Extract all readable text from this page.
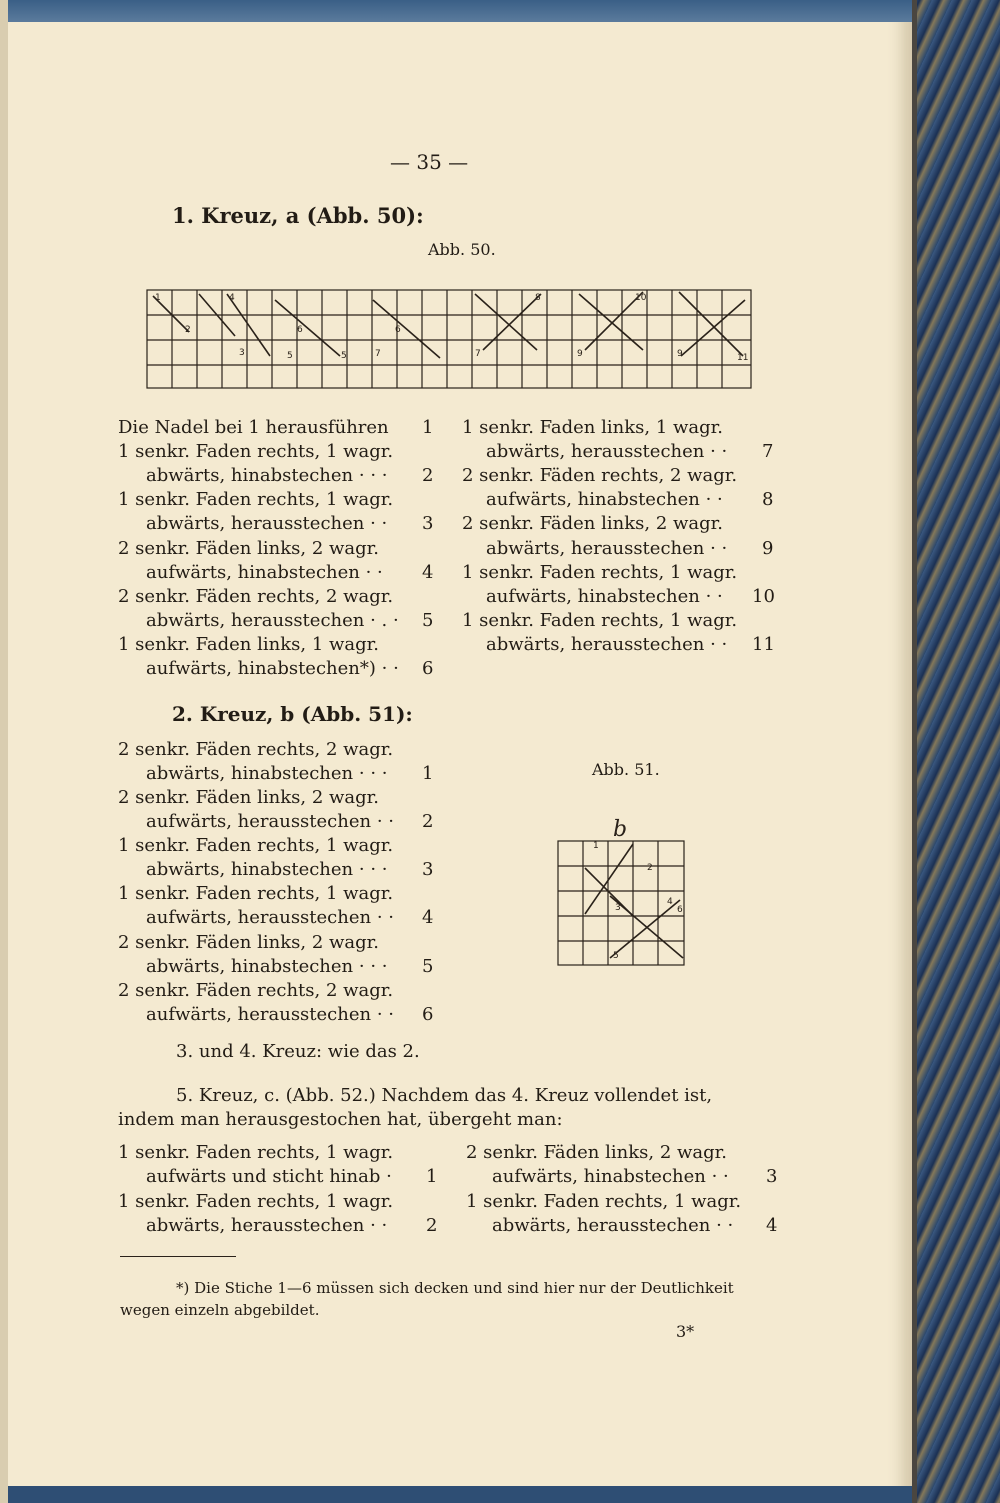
— 35 —
1. Kreuz, a (Abb. 50):
Abb. 50.
1
2
3
4
5	5
6	6
7	7
8
9	9
10
11
Die Nadel bei 1 herausführen 1
1 senkr. Faden rechts, 1 wagr.
abwärts, hinabstechen · · · 2
1 senkr. Faden rechts, 1 wagr.
abwärts, herausstechen · · 3
2 senkr. Fäden links, 2 wagr.
aufwärts, hinabstechen · · 4
2 senkr. Fäden rechts, 2 wagr.
abwärts, herausstechen · . · 5
1 senkr. Faden links, 1 wagr.
aufwärts, hinabstechen*) · · 6
1 senkr. Faden links, 1 wagr.
abwärts, herausstechen · · 7
2 senkr. Fäden rechts, 2 wagr.
aufwärts, hinabstechen · · 8
2 senkr. Fäden links, 2 wagr.
abwärts, herausstechen · · 9
1 senkr. Faden rechts, 1 wagr.
aufwärts, hinabstechen · · 10
1 senkr. Faden rechts, 1 wagr.
abwärts, herausstechen · · 11
2. Kreuz, b (Abb. 51):
2 senkr. Fäden rechts, 2 wagr.
abwärts, hinabstechen · · · 1
2 senkr. Fäden links, 2 wagr.
aufwärts, herausstechen · · 2
1 senkr. Faden rechts, 1 wagr.
abwärts, hinabstechen · · · 3
1 senkr. Faden rechts, 1 wagr.
aufwärts, herausstechen · · 4
2 senkr. Fäden links, 2 wagr.
abwärts, hinabstechen · · · 5
2 senkr. Fäden rechts, 2 wagr.
aufwärts, herausstechen · · 6
Abb. 51.
b
1
2
3
4
5
6
3. und 4. Kreuz: wie das 2.
5. Kreuz, c. (Abb. 52.) Nachdem das 4. Kreuz vollendet ist,
indem man herausgestochen hat, übergeht man:
1 senkr. Faden rechts, 1 wagr.
aufwärts und sticht hinab · 1
1 senkr. Faden rechts, 1 wagr.
abwärts, herausstechen · · 2
2 senkr. Fäden links, 2 wagr.
aufwärts, hinabstechen · · 3
1 senkr. Faden rechts, 1 wagr.
abwärts, herausstechen · · 4
*) Die Stiche 1—6 müssen sich decken und sind hier nur der Deutlichkeit
wegen einzeln abgebildet.
3*
